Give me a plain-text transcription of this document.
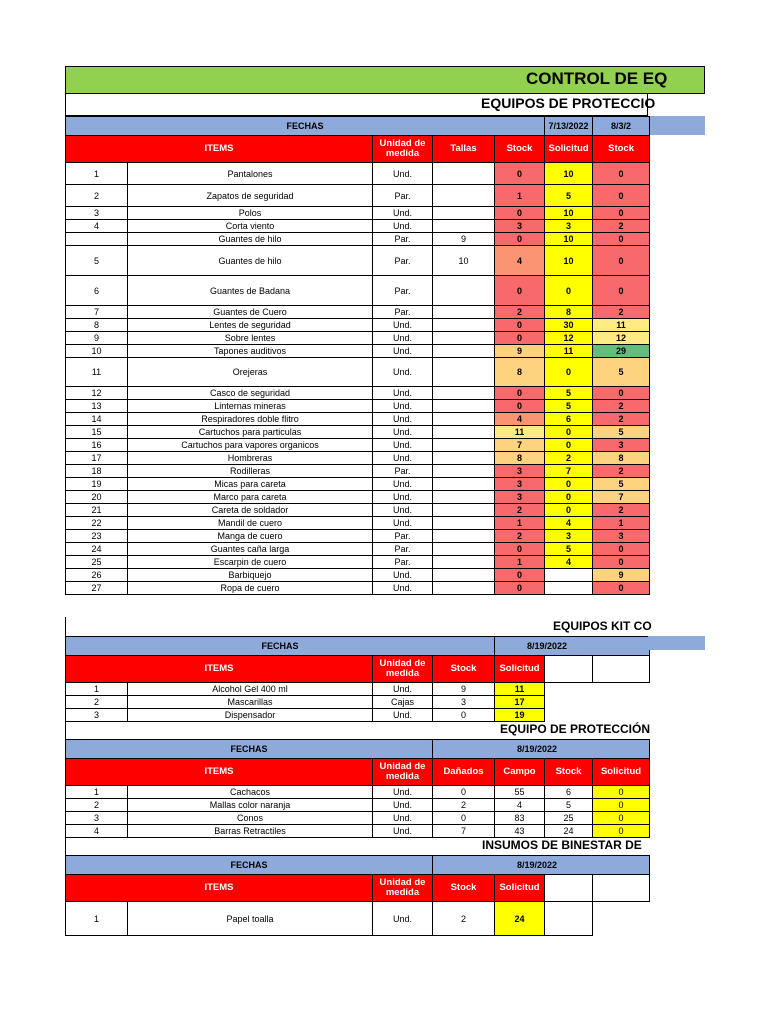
CONTROL DE EQ
EQUIPOS DE PROTECCIO
FECHAS					7/13/2022	8/3/2
ITEMS		Unidad de medida	Tallas	Stock	Solicitud	Stock
1	Pantalones	Und.		0	10	0
2	Zapatos de seguridad	Par.		1	5	0
3	Polos	Und.		0	10	0
4	Corta viento	Und.		3	3	2
	Guantes de hilo	Par.	9	0	10	0
5	Guantes de hilo	Par.	10	4	10	0
6	Guantes de Badana	Par.		0	0	0
7	Guantes de Cuero	Par.		2	8	2
8	Lentes de seguridad	Und.		0	30	11
9	Sobre lentes	Und.		0	12	12
10	Tapones auditivos	Und.		9	11	29
11	Orejeras	Und.		8	0	5
12	Casco de seguridad	Und.		0	5	0
13	Linternas mineras	Und.		0	5	2
14	Respiradores doble flitro	Und.		4	6	2
15	Cartuchos para particulas	Und.		11	0	5
16	Cartuchos para vapores organicos	Und.		7	0	3
17	Hombreras	Und.		8	2	8
18	Rodilleras	Par.		3	7	2
19	Micas para careta	Und.		3	0	5
20	Marco para careta	Und.		3	0	7
21	Careta de soldador	Und.		2	0	2
22	Mandil de cuero	Und.		1	4	1
23	Manga de cuero	Par.		2	3	3
24	Guantes caña larga	Par.		0	5	0
25	Escarpin de cuero	Par.		1	4	0
26	Barbiquejo	Und.		0		9
27	Ropa de cuero	Und.		0		0
EQUIPOS KIT CO
FECHAS				8/19/2022		
ITEMS		Unidad de medida	Stock	Solicitud		
1	Alcohol Gel 400 ml	Und.	9	11		
2	Mascarillas	Cajas	3	17		
3	Dispensador	Und.	0	19		
EQUIPO DE PROTECCIÓN
FECHAS			8/19/2022			
ITEMS		Unidad de medida	Dañados	Campo	Stock	Solicitud
1	Cachacos	Und.	0	55	6	0
2	Mallas color naranja	Und.	2	4	5	0
3	Conos	Und.	0	83	25	0
4	Barras Retractiles	Und.	7	43	24	0
INSUMOS DE BINESTAR DE
FECHAS			8/19/2022			
ITEMS		Unidad de medida	Stock	Solicitud		
1	Papel toalla	Und.	2	24		
